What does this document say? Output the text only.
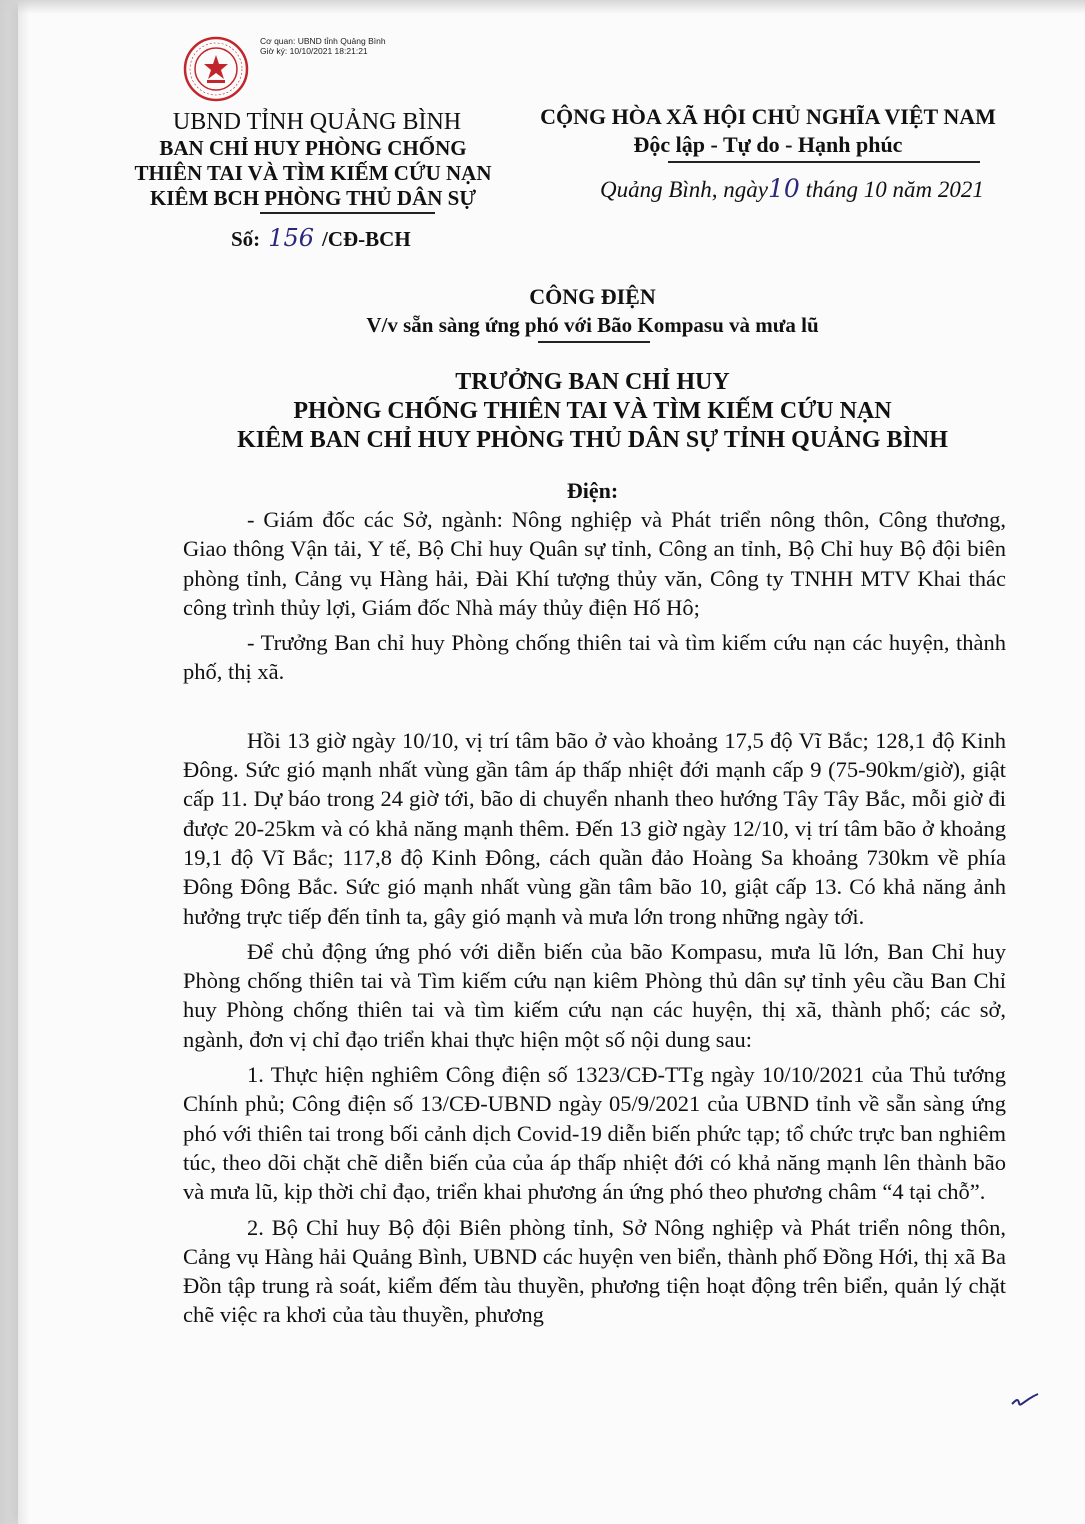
Cơ quan: UBND tỉnh Quảng Bình
Giờ ký: 10/10/2021 18:21:21
UBND TỈNH QUẢNG BÌNH
BAN CHỈ HUY PHÒNG CHỐNG
THIÊN TAI VÀ TÌM KIẾM CỨU NẠN
KIÊM BCH PHÒNG THỦ DÂN SỰ
Số: 156 /CĐ-BCH
CỘNG HÒA XÃ HỘI CHỦ NGHĨA VIỆT NAM
Độc lập - Tự do - Hạnh phúc
Quảng Bình, ngày10 tháng 10 năm 2021
CÔNG ĐIỆN
V/v sẵn sàng ứng phó với Bão Kompasu và mưa lũ
TRƯỞNG BAN CHỈ HUY
PHÒNG CHỐNG THIÊN TAI VÀ TÌM KIẾM CỨU NẠN
KIÊM BAN CHỈ HUY PHÒNG THỦ DÂN SỰ TỈNH QUẢNG BÌNH
Điện:

- Giám đốc các Sở, ngành: Nông nghiệp và Phát triển nông thôn, Công thương, Giao thông Vận tải, Y tế, Bộ Chỉ huy Quân sự tỉnh, Công an tỉnh, Bộ Chỉ huy Bộ đội biên phòng tỉnh, Cảng vụ Hàng hải, Đài Khí tượng thủy văn, Công ty TNHH MTV Khai thác công trình thủy lợi, Giám đốc Nhà máy thủy điện Hố Hô;

- Trưởng Ban chỉ huy Phòng chống thiên tai và tìm kiếm cứu nạn các huyện, thành phố, thị xã.

Hồi 13 giờ ngày 10/10, vị trí tâm bão ở vào khoảng 17,5 độ Vĩ Bắc; 128,1 độ Kinh Đông. Sức gió mạnh nhất vùng gần tâm áp thấp nhiệt đới mạnh cấp 9 (75-90km/giờ), giật cấp 11. Dự báo trong 24 giờ tới, bão di chuyển nhanh theo hướng Tây Tây Bắc, mỗi giờ đi được 20-25km và có khả năng mạnh thêm. Đến 13 giờ ngày 12/10, vị trí tâm bão ở khoảng 19,1 độ Vĩ Bắc; 117,8 độ Kinh Đông, cách quần đảo Hoàng Sa khoảng 730km về phía Đông Đông Bắc. Sức gió mạnh nhất vùng gần tâm bão 10, giật cấp 13. Có khả năng ảnh hưởng trực tiếp đến tỉnh ta, gây gió mạnh và mưa lớn trong những ngày tới.

Để chủ động ứng phó với diễn biến của bão Kompasu, mưa lũ lớn, Ban Chỉ huy Phòng chống thiên tai và Tìm kiếm cứu nạn kiêm Phòng thủ dân sự tỉnh yêu cầu Ban Chỉ huy Phòng chống thiên tai và tìm kiếm cứu nạn các huyện, thị xã, thành phố; các sở, ngành, đơn vị chỉ đạo triển khai thực hiện một số nội dung sau:

1. Thực hiện nghiêm Công điện số 1323/CĐ-TTg ngày 10/10/2021 của Thủ tướng Chính phủ; Công điện số 13/CĐ-UBND ngày 05/9/2021 của UBND tỉnh về sẵn sàng ứng phó với thiên tai trong bối cảnh dịch Covid-19 diễn biến phức tạp; tổ chức trực ban nghiêm túc, theo dõi chặt chẽ diễn biến của của áp thấp nhiệt đới có khả năng mạnh lên thành bão và mưa lũ, kịp thời chỉ đạo, triển khai phương án ứng phó theo phương châm “4 tại chỗ”.

2. Bộ Chỉ huy Bộ đội Biên phòng tỉnh, Sở Nông nghiệp và Phát triển nông thôn, Cảng vụ Hàng hải Quảng Bình, UBND các huyện ven biển, thành phố Đồng Hới, thị xã Ba Đồn tập trung rà soát, kiểm đếm tàu thuyền, phương tiện hoạt động trên biển, quản lý chặt chẽ việc ra khơi của tàu thuyền, phương
